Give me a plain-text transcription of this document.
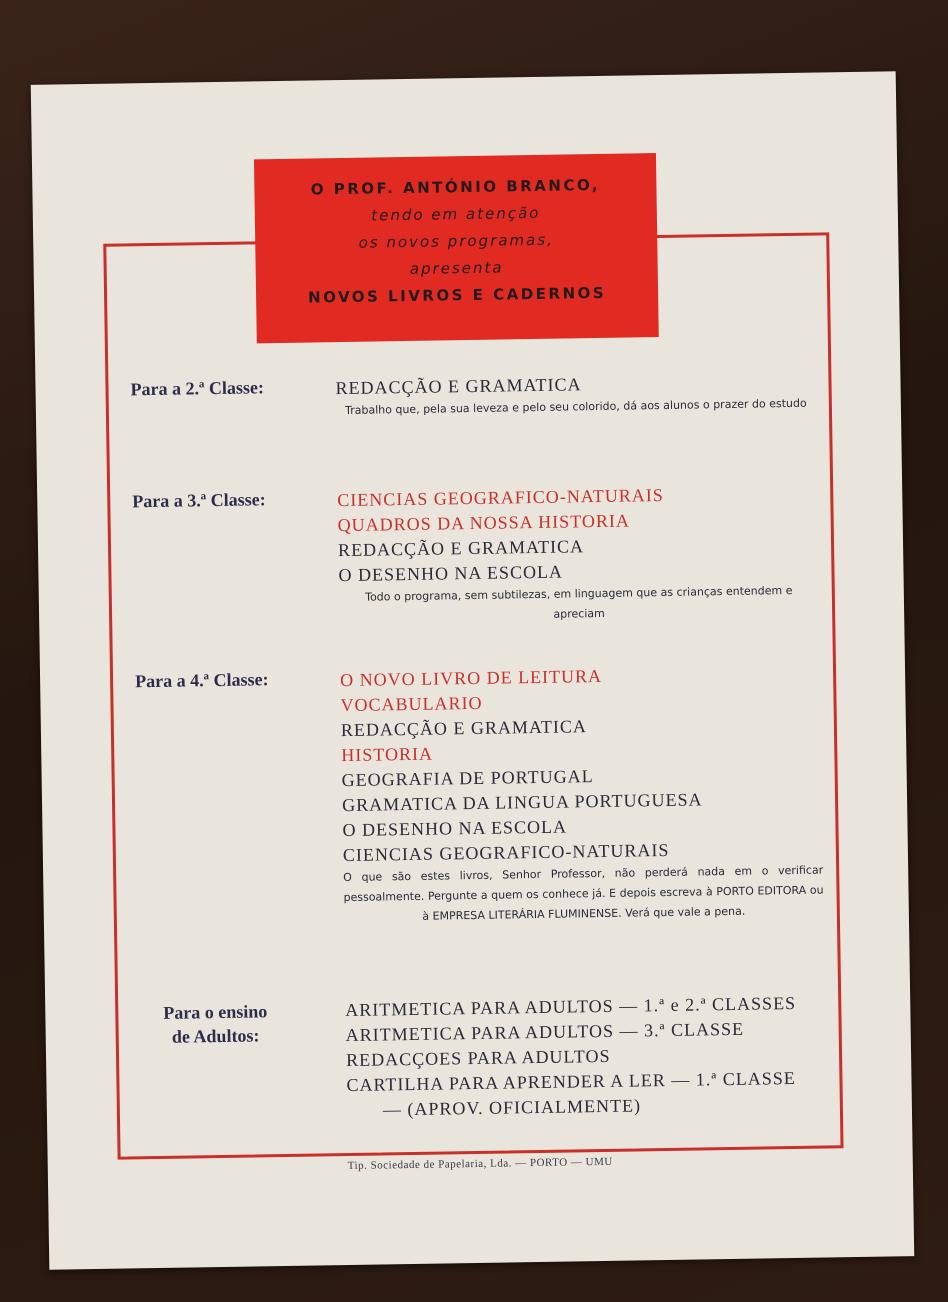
O PROF. ANTÓNIO BRANCO,
tendo em atenção
os novos programas,
apresenta
NOVOS LIVROS E CADERNOS
Para a 2.ª Classe:	REDACÇÃO E GRAMATICA
Trabalho que, pela sua leveza e pelo seu colorido, dá aos alunos o prazer do estudo
Para a 3.ª Classe:	CIENCIAS GEOGRAFICO-NATURAIS
QUADROS DA NOSSA HISTORIA
REDACÇÃO E GRAMATICA
O DESENHO NA ESCOLA
Todo o programa, sem subtilezas, em linguagem que as crianças entendem e apreciam
Para a 4.ª Classe:	O NOVO LIVRO DE LEITURA
VOCABULARIO
REDACÇÃO E GRAMATICA
HISTORIA
GEOGRAFIA DE PORTUGAL
GRAMATICA DA LINGUA PORTUGUESA
O DESENHO NA ESCOLA
CIENCIAS GEOGRAFICO-NATURAIS
O que são estes livros, Senhor Professor, não perderá nada em o verificar pessoalmente. Pergunte a quem os conhece já. E depois escreva à PORTO EDITORA ou à EMPRESA LITERÁRIA FLUMINENSE. Verá que vale a pena.
Para o ensino
de Adultos:
ARITMETICA PARA ADULTOS — 1.ª e 2.ª CLASSES
ARITMETICA PARA ADULTOS — 3.ª CLASSE
REDACÇOES PARA ADULTOS
CARTILHA PARA APRENDER A LER — 1.ª CLASSE
— (APROV. OFICIALMENTE)
Tip. Sociedade de Papelaria, Lda. — PORTO — UMU
